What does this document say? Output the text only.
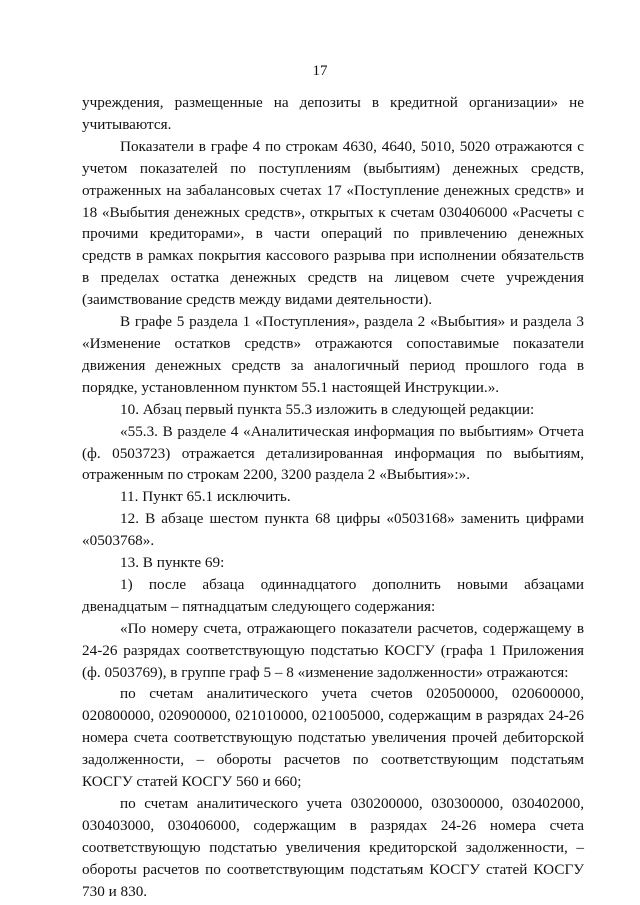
17

учреждения, размещенные на депозиты в кредитной организации» не учитываются.

Показатели в графе 4 по строкам 4630, 4640, 5010, 5020 отражаются с учетом показателей по поступлениям (выбытиям) денежных средств, отраженных на забалансовых счетах 17 «Поступление денежных средств» и 18 «Выбытия денежных средств», открытых к счетам 030406000 «Расчеты с прочими кредиторами», в части операций по привлечению денежных средств в рамках покрытия кассового разрыва при исполнении обязательств в пределах остатка денежных средств на лицевом счете учреждения (заимствование средств между видами деятельности).

В графе 5 раздела 1 «Поступления», раздела 2 «Выбытия» и раздела 3 «Изменение остатков средств» отражаются сопоставимые показатели движения денежных средств за аналогичный период прошлого года в порядке, установленном пунктом 55.1 настоящей Инструкции.».

10. Абзац первый пункта 55.3 изложить в следующей редакции:

«55.3. В разделе 4 «Аналитическая информация по выбытиям» Отчета (ф. 0503723) отражается детализированная информация по выбытиям, отраженным по строкам 2200, 3200 раздела 2 «Выбытия»:».

11. Пункт 65.1 исключить.

12. В абзаце шестом пункта 68 цифры «0503168» заменить цифрами «0503768».

13. В пункте 69:

1) после абзаца одиннадцатого дополнить новыми абзацами двенадцатым – пятнадцатым следующего содержания:

«По номеру счета, отражающего показатели расчетов, содержащему в 24-26 разрядах соответствующую подстатью КОСГУ (графа 1 Приложения (ф. 0503769), в группе граф 5 – 8 «изменение задолженности» отражаются:

по счетам аналитического учета счетов 020500000, 020600000, 020800000, 020900000, 021010000, 021005000, содержащим в разрядах 24-26 номера счета соответствующую подстатью увеличения прочей дебиторской задолженности, – обороты расчетов по соответствующим подстатьям КОСГУ статей КОСГУ 560 и 660;

по счетам аналитического учета 030200000, 030300000, 030402000, 030403000, 030406000, содержащим в разрядах 24-26 номера счета соответствующую подстатью увеличения кредиторской задолженности, – обороты расчетов по соответствующим подстатьям КОСГУ статей КОСГУ 730 и 830.
